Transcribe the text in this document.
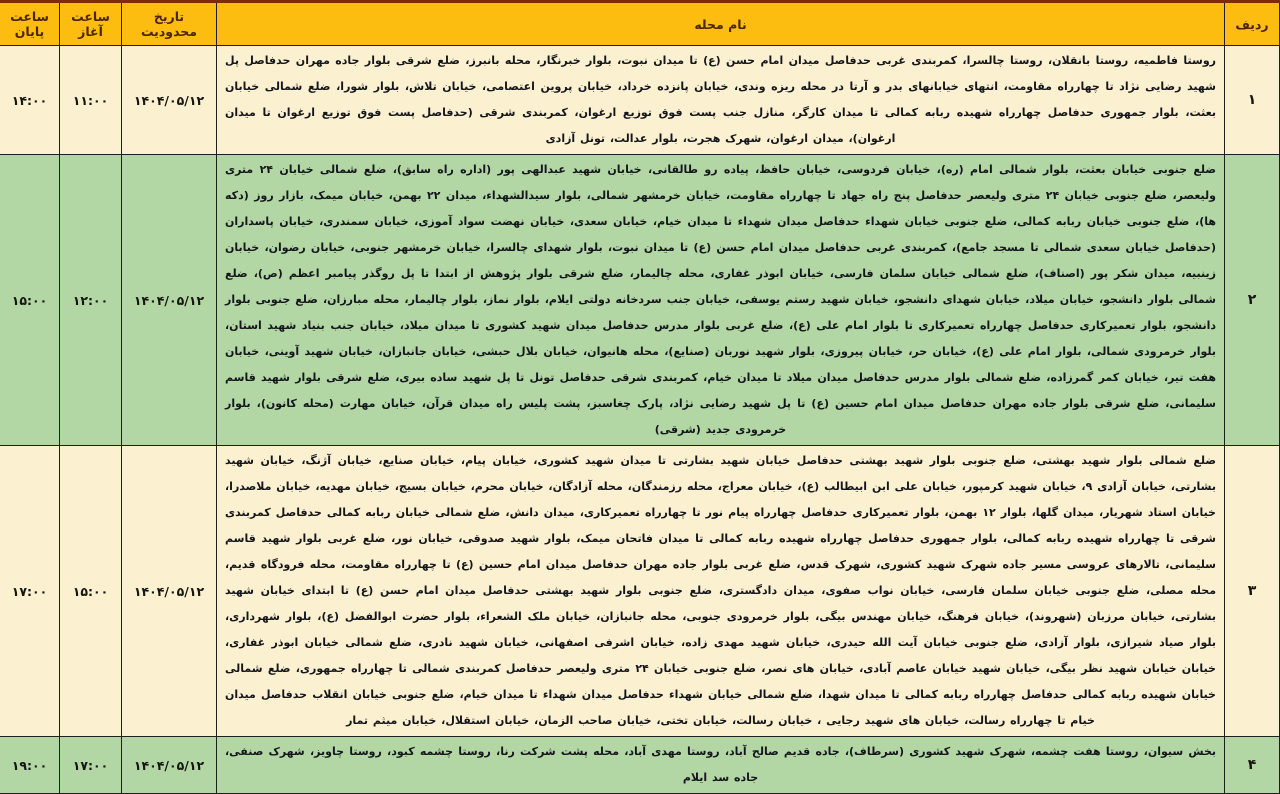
ردیف	نام محله	تاریخ محدودیت	ساعت آغاز	ساعت پایان
۱	روستا فاطمیه، روستا بانقلان، روستا چالسرا، کمربندی غربی حدفاصل میدان امام حسن (ع) تا میدان نبوت، بلوار خبرنگار، محله بانبرز، ضلع شرقی بلوار جاده مهران حدفاصل پل شهید رضایی نژاد تا چهارراه مقاومت، انتهای خیابانهای بدر و آرتا در محله ریزه وندی، خیابان پانزده خرداد، خیابان پروین اعتصامی، خیابان تلاش، بلوار شورا، ضلع شمالی خیابان بعثت، بلوار جمهوری حدفاصل چهارراه شهیده ربابه کمالی تا میدان کارگر، منازل جنب پست فوق توزیع ارغوان، کمربندی شرقی (حدفاصل پست فوق توزیع ارغوان تا میدان ارغوان)، میدان ارغوان، شهرک هجرت، بلوار عدالت، تونل آزادی	۱۴۰۴/۰۵/۱۲	۱۱:۰۰	۱۴:۰۰
۲	ضلع جنوبی خیابان بعثت، بلوار شمالی امام (ره)، خیابان فردوسی، خیابان حافظ، پیاده رو طالقانی، خیابان شهید عبدالهی پور (اداره راه سابق)، ضلع شمالی خیابان ۲۴ متری ولیعصر، ضلع جنوبی خیابان ۲۴ متری ولیعصر حدفاصل پنج راه جهاد تا چهارراه مقاومت، خیابان خرمشهر شمالی، بلوار سیدالشهداء، میدان ۲۲ بهمن، خیابان میمک، بازار روز (دکه ها)، ضلع جنوبی خیابان ربابه کمالی، ضلع جنوبی خیابان شهداء حدفاصل میدان شهداء تا میدان خیام، خیابان سعدی، خیابان نهضت سواد آموزی، خیابان سمندری، خیابان پاسداران (حدفاصل خیابان سعدی شمالی تا مسجد جامع)، کمربندی غربی حدفاصل میدان امام حسن (ع) تا میدان نبوت، بلوار شهدای چالسرا، خیابان خرمشهر جنوبی، خیابان رضوان، خیابان زینبیه، میدان شکر پور (اصناف)، ضلع شمالی خیابان سلمان فارسی، خیابان ابوذر غفاری، محله چالیمار، ضلع شرقی بلوار پژوهش از ابتدا تا پل روگذر پیامبر اعظم (ص)، ضلع شمالی بلوار دانشجو، خیابان میلاد، خیابان شهدای دانشجو، خیابان شهید رستم یوسفی، خیابان جنب سردخانه دولتی ایلام، بلوار نماز، بلوار چالیمار، محله مبارزان، ضلع جنوبی بلوار دانشجو، بلوار تعمیرکاری حدفاصل چهارراه تعمیرکاری تا بلوار امام علی (ع)، ضلع غربی بلوار مدرس حدفاصل میدان شهید کشوری تا میدان میلاد، خیابان جنب بنیاد شهید استان، بلوار خرمرودی شمالی، بلوار امام علی (ع)، خیابان حر، خیابان پیروزی، بلوار شهید نوربان (صنایع)، محله هانیوان، خیابان بلال حبشی، خیابان جانبازان، خیابان شهید آوینی، خیابان هفت تیر، خیابان کمر گمرزاده، ضلع شمالی بلوار مدرس حدفاصل میدان میلاد تا میدان خیام، کمربندی شرقی حدفاصل تونل تا پل شهید ساده بیری، ضلع شرقی بلوار شهید قاسم سلیمانی، ضلع شرقی بلوار جاده مهران حدفاصل میدان امام حسین (ع) تا پل شهید رضایی نژاد، پارک چغاسبز، پشت پلیس راه میدان قرآن، خیابان مهارت (محله کانون)، بلوار خرمرودی جدید (شرقی)	۱۴۰۴/۰۵/۱۲	۱۲:۰۰	۱۵:۰۰
۳	ضلع شمالی بلوار شهید بهشتی، ضلع جنوبی بلوار شهید بهشتی حدفاصل خیابان شهید بشارتی تا میدان شهید کشوری، خیابان پیام، خیابان صنایع، خیابان آژنگ، خیابان شهید بشارتی، خیابان آزادی ۹، خیابان شهید کرمپور، خیابان علی ابن ابیطالب (ع)، خیابان معراج، محله رزمندگان، محله آزادگان، خیابان محرم، خیابان بسیج، خیابان مهدیه، خیابان ملاصدرا، خیابان استاد شهریار، میدان گلها، بلوار ۱۲ بهمن، بلوار تعمیرکاری حدفاصل چهارراه پیام نور تا چهارراه تعمیرکاری، میدان دانش، ضلع شمالی خیابان ربابه کمالی حدفاصل کمربندی شرقی تا چهارراه شهیده ربابه کمالی، بلوار جمهوری حدفاصل چهارراه شهیده ربابه کمالی تا میدان فاتحان میمک، بلوار شهید صدوقی، خیابان نور، ضلع غربی بلوار شهید قاسم سلیمانی، تالارهای عروسی مسیر جاده شهرک شهید کشوری، شهرک قدس، ضلع غربی بلوار جاده مهران حدفاصل میدان امام حسین (ع) تا چهارراه مقاومت، محله فرودگاه قدیم، محله مصلی، ضلع جنوبی خیابان سلمان فارسی، خیابان نواب صفوی، میدان دادگستری، ضلع جنوبی بلوار شهید بهشتی حدفاصل میدان امام حسن (ع) تا ابتدای خیابان شهید بشارتی، خیابان مرزبان (شهروند)، خیابان فرهنگ، خیابان مهندس بیگی، بلوار خرمرودی جنوبی، محله جانبازان، خیابان ملک الشعراء، بلوار حضرت ابوالفضل (ع)، بلوار شهرداری، بلوار صیاد شیرازی، بلوار آزادی، ضلع جنوبی خیابان آیت الله حیدری، خیابان شهید مهدی زاده، خیابان اشرفی اصفهانی، خیابان شهید نادری، ضلع شمالی خیابان ابوذر غفاری، خیابان خیابان شهید نظر بیگی، خیابان شهید خیابان عاصم آبادی، خیابان های نصر، ضلع جنوبی خیابان ۲۴ متری ولیعصر حدفاصل کمربندی شمالی تا چهارراه جمهوری، ضلع شمالی خیابان شهیده ربابه کمالی حدفاصل چهارراه ربابه کمالی تا میدان شهدا، ضلع شمالی خیابان شهداء حدفاصل میدان شهداء تا میدان خیام، ضلع جنوبی خیابان انقلاب حدفاصل میدان خیام تا چهارراه رسالت، خیابان های شهید رجایی ، خیابان رسالت، خیابان تختی، خیابان صاحب الزمان، خیابان استقلال، خیابان میثم تمار	۱۴۰۴/۰۵/۱۲	۱۵:۰۰	۱۷:۰۰
۴	بخش سیوان، روستا هفت چشمه، شهرک شهید کشوری (سرطاف)، جاده قدیم صالح آباد، روستا مهدی آباد، محله پشت شرکت رنا، روستا چشمه کبود، روستا چاویز، شهرک صنفی، جاده سد ایلام	۱۴۰۴/۰۵/۱۲	۱۷:۰۰	۱۹:۰۰
